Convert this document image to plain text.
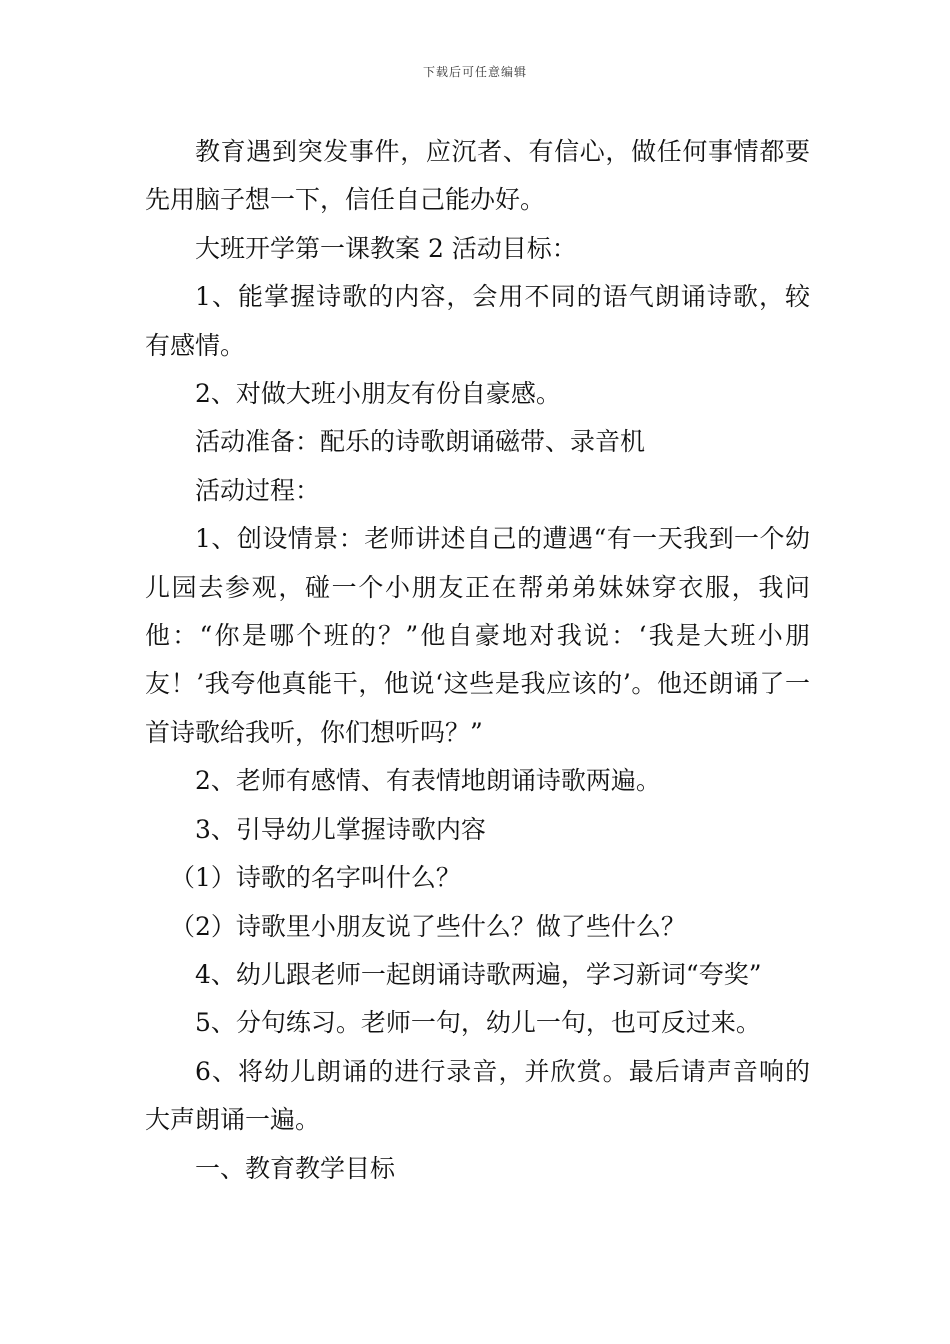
下载后可任意编辑

教育遇到突发事件，应沉者、有信心，做任何事情都要先用脑子想一下，信任自己能办好。

大班开学第一课教案 2 活动目标：

1、能掌握诗歌的内容，会用不同的语气朗诵诗歌，较有感情。

2、对做大班小朋友有份自豪感。

活动准备：配乐的诗歌朗诵磁带、录音机

活动过程：

1、创设情景：老师讲述自己的遭遇“有一天我到一个幼儿园去参观，碰一个小朋友正在帮弟弟妹妹穿衣服，我问他：“你是哪个班的？”他自豪地对我说：‘我是大班小朋友！’我夸他真能干，他说‘这些是我应该的’。他还朗诵了一首诗歌给我听，你们想听吗？”

2、老师有感情、有表情地朗诵诗歌两遍。

3、引导幼儿掌握诗歌内容

（1）诗歌的名字叫什么？

（2）诗歌里小朋友说了些什么？做了些什么？

4、幼儿跟老师一起朗诵诗歌两遍，学习新词“夸奖”

5、分句练习。老师一句，幼儿一句，也可反过来。

6、将幼儿朗诵的进行录音，并欣赏。最后请声音响的大声朗诵一遍。

一、教育教学目标
